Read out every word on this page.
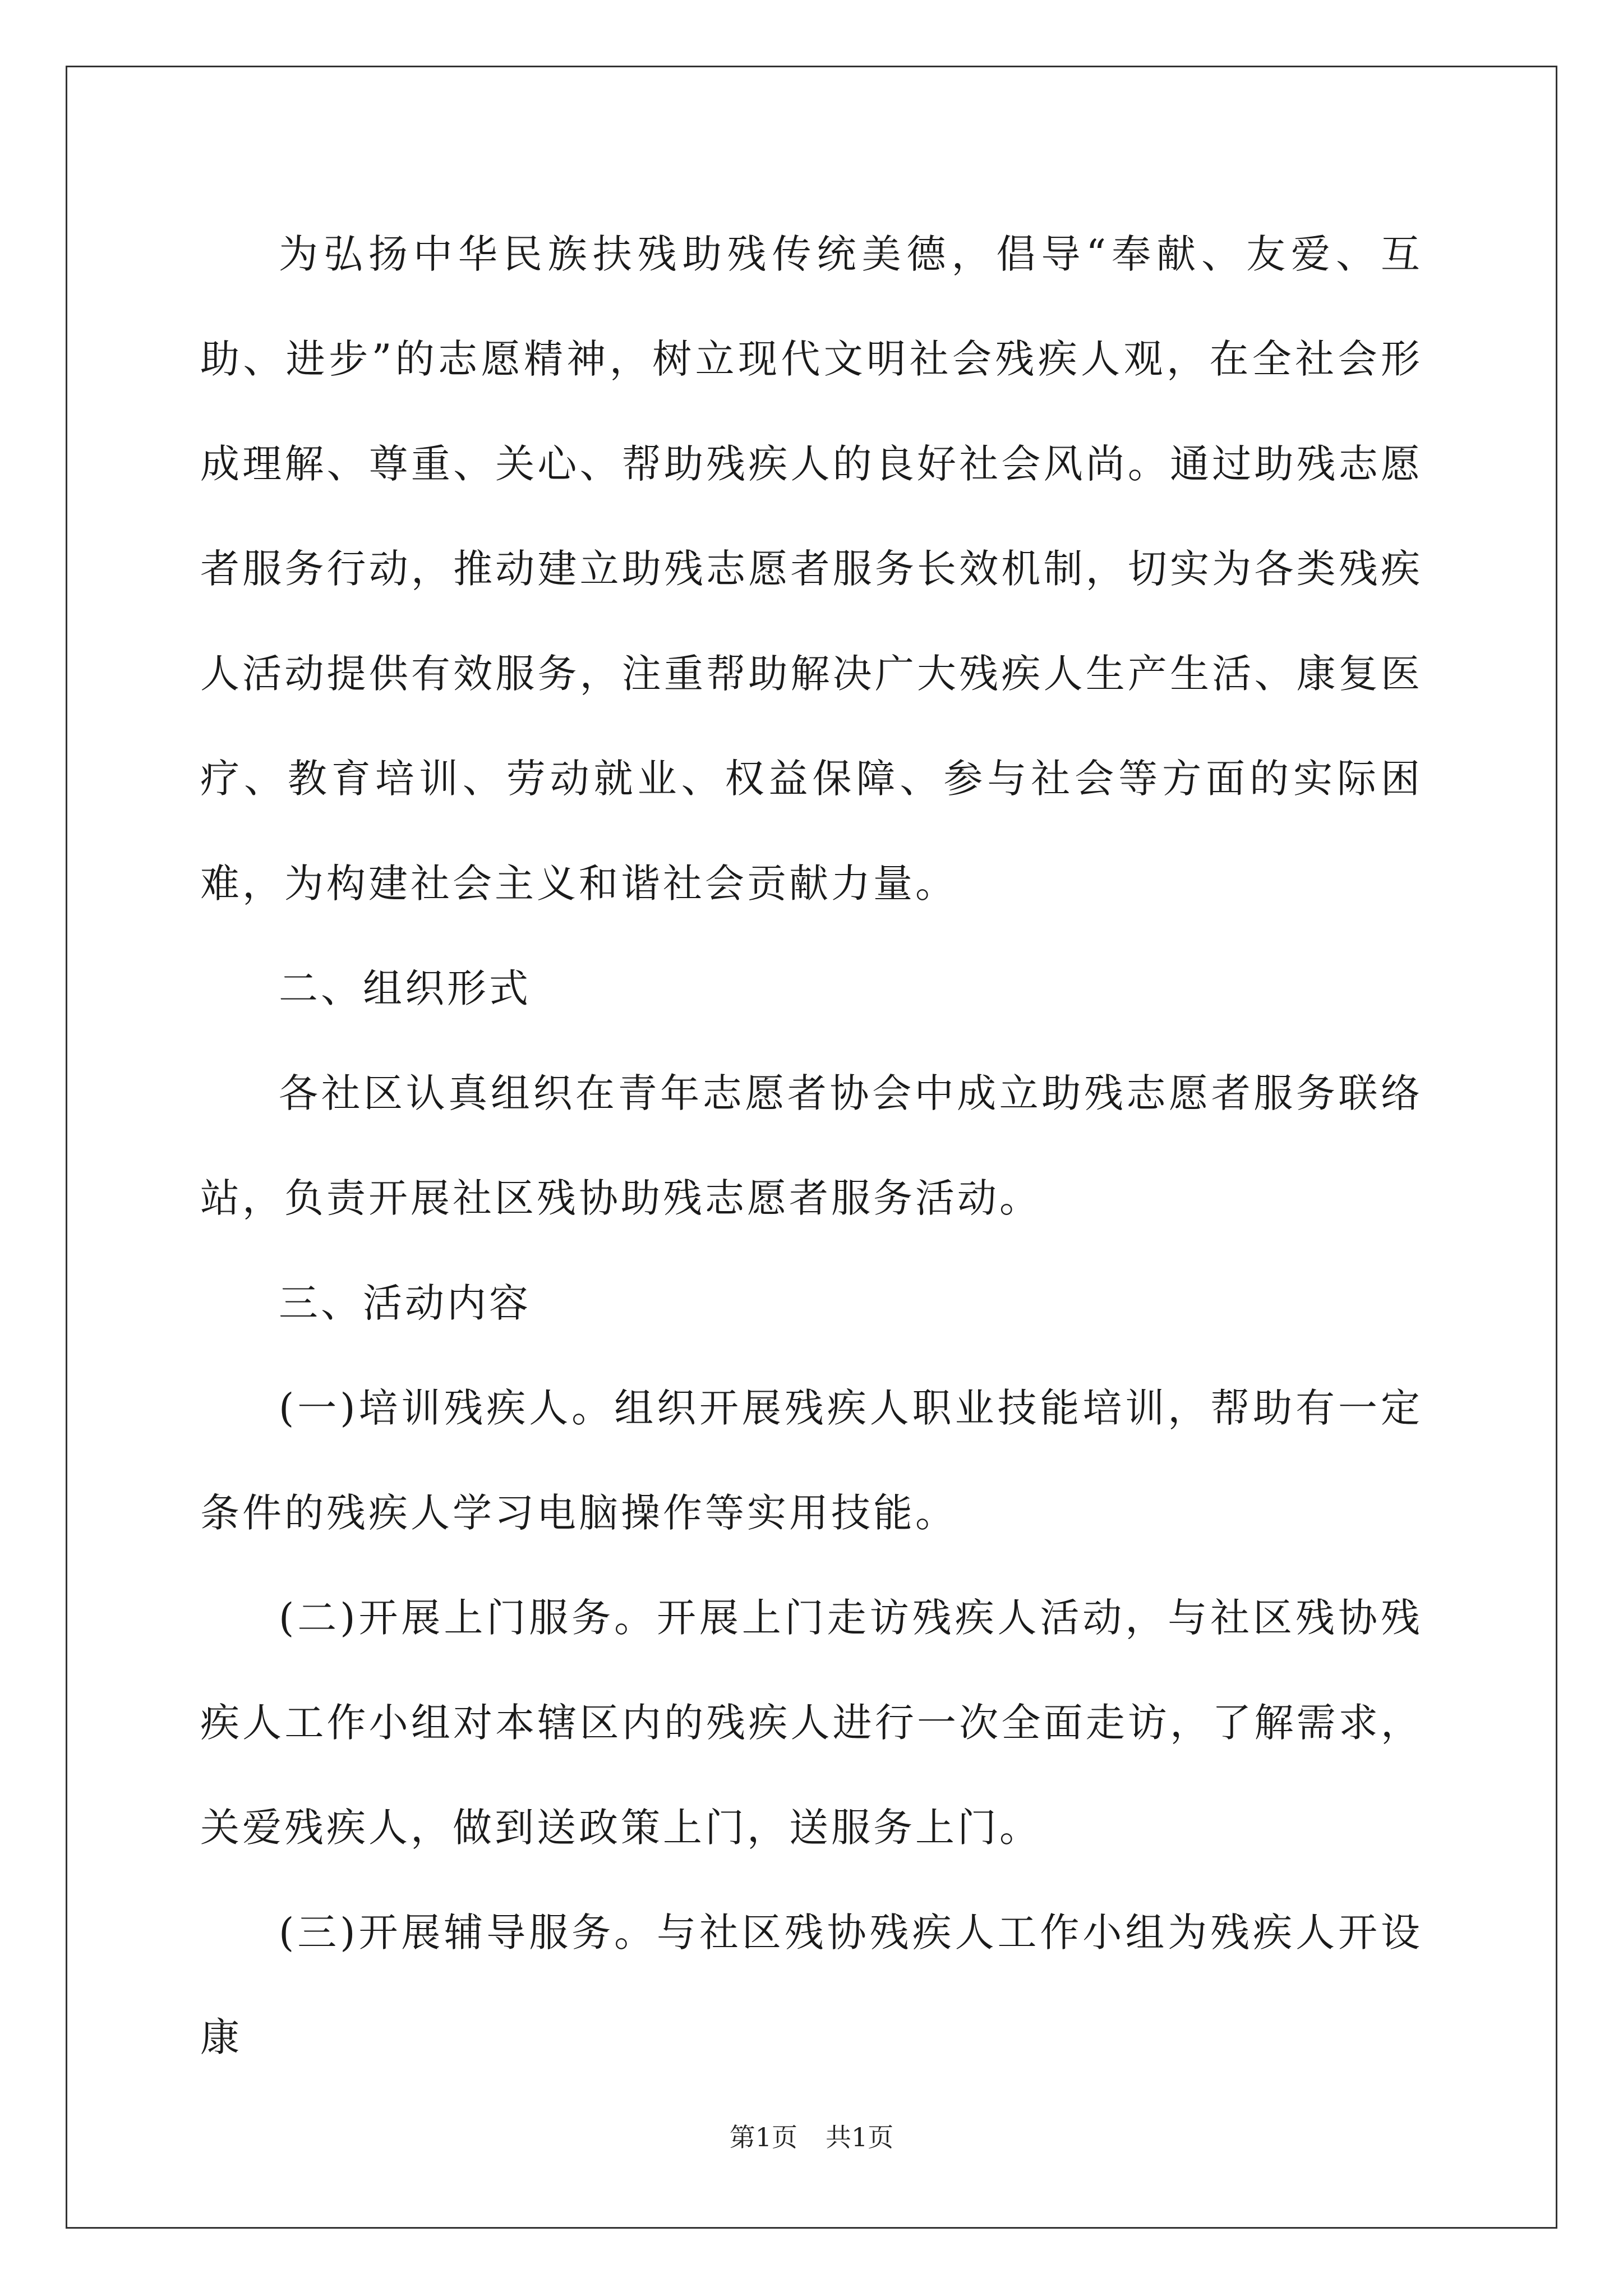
为弘扬中华民族扶残助残传统美德，倡导“奉献、友爱、互助、进步”的志愿精神，树立现代文明社会残疾人观，在全社会形成理解、尊重、关心、帮助残疾人的良好社会风尚。通过助残志愿者服务行动，推动建立助残志愿者服务长效机制，切实为各类残疾人活动提供有效服务，注重帮助解决广大残疾人生产生活、康复医疗、教育培训、劳动就业、权益保障、参与社会等方面的实际困难，为构建社会主义和谐社会贡献力量。

二、组织形式

各社区认真组织在青年志愿者协会中成立助残志愿者服务联络站，负责开展社区残协助残志愿者服务活动。

三、活动内容

(一)培训残疾人。组织开展残疾人职业技能培训，帮助有一定条件的残疾人学习电脑操作等实用技能。

(二)开展上门服务。开展上门走访残疾人活动，与社区残协残疾人工作小组对本辖区内的残疾人进行一次全面走访，了解需求，关爱残疾人，做到送政策上门，送服务上门。

(三)开展辅导服务。与社区残协残疾人工作小组为残疾人开设康

第1页 共1页
